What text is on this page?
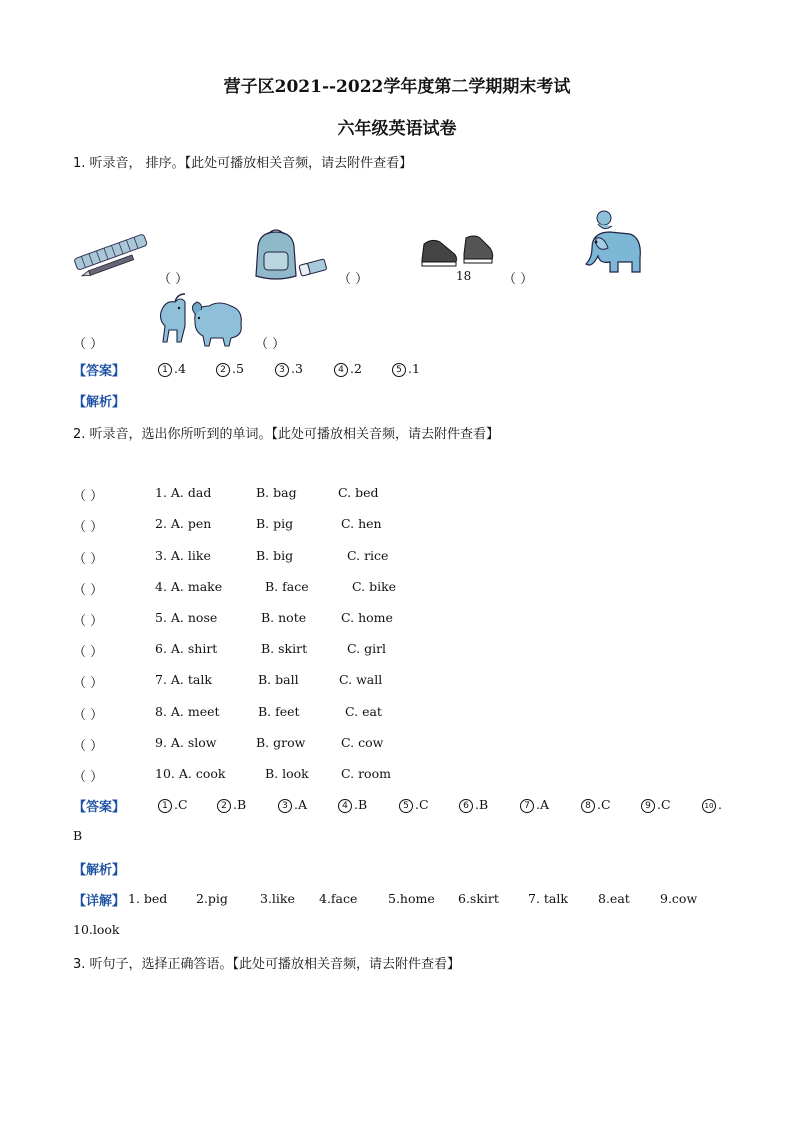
营子区2021--2022学年度第二学期期末考试
六年级英语试卷
1. 听录音， 排序。【此处可播放相关音频，请去附件查看】
（ ）	（ ）	18 （ ）
（ ）	（ ）
【答案】	1 .4	2 .5	3 .3	4 .2	5 .1
【解析】
2. 听录音，选出你所听到的单词。【此处可播放相关音频，请去附件查看】
（ ）	1. A. dad	B. bag	C. bed
（ ）	2. A. pen	B. pig	C. hen
（ ）	3. A. like	B. big	C. rice
（ ）	4. A. make	B. face	C. bike
（ ）	5. A. nose	B. note	C. home
（ ）	6. A. shirt	B. skirt	C. girl
（ ）	7. A. talk	B. ball	C. wall
（ ）	8. A. meet	B. feet	C. eat
（ ）	9. A. slow	B. grow	C. cow
（ ）	10. A. cook	B. look	C. room
【答案】	1 .C	2 .B	3 .A	4 .B	5 .C	6 .B	7 .A	8 .C	9 .C	10 .
B
【解析】
【详解】 1. bed 2.pig	3.like 4.face 5.home 6.skirt 7. talk 8.eat 9.cow
10.look
3. 听句子，选择正确答语。【此处可播放相关音频，请去附件查看】
